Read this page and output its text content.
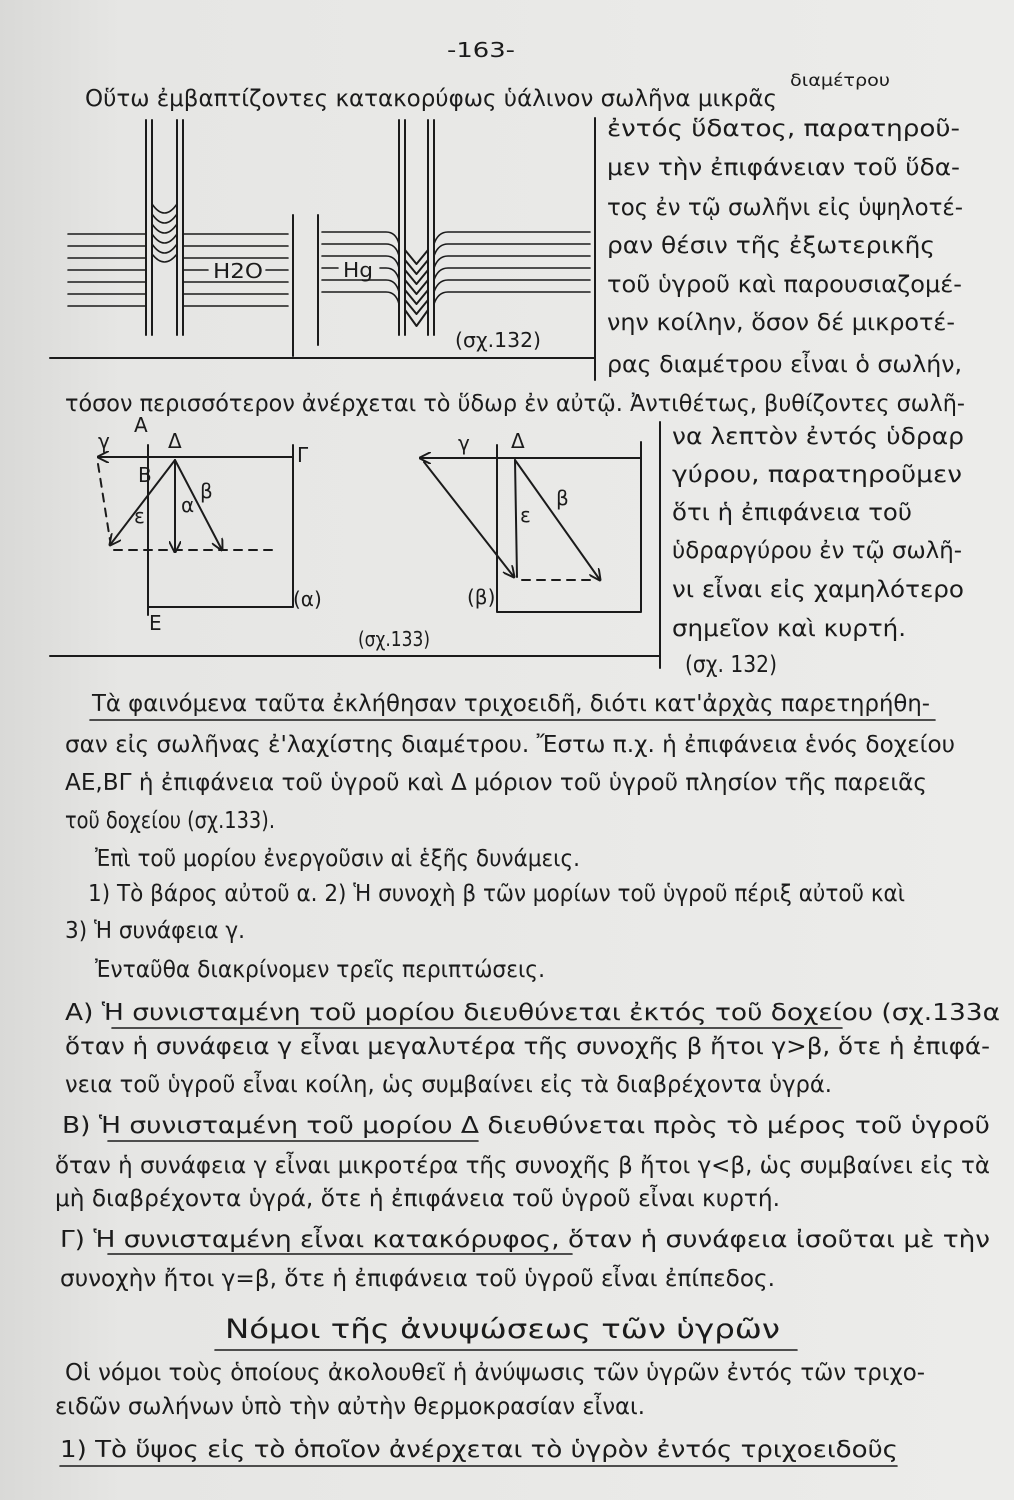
-163-
Οὕτω ἐμβαπτίζοντες κατακορύφως ὑάλινον σωλῆνα μικρᾶς
διαμέτρου
H2O	Hg
(σχ.132)
ἐντός ὕδατος, παρατηροῦ-
μεν τὴν ἐπιφάνειαν τοῦ ὕδα-
τος ἐν τῷ σωλῆνι εἰς ὑψηλοτέ-
ραν θέσιν τῆς ἐξωτερικῆς
τοῦ ὑγροῦ καὶ παρουσιαζομέ-
νην κοίλην, ὅσον δέ μικροτέ-
ρας διαμέτρου εἶναι ὁ σωλήν,
τόσον περισσότερον ἀνέρχεται τὸ ὕδωρ ἐν αὐτῷ. Ἀντιθέτως, βυθίζοντες σωλῆ-
Α
γ	Δ
Γ
Β
α
β
ε
Ε
(α)
γ Δ
β
ε
(β)
(σχ.133)
να λεπτὸν ἐντός ὑδραρ
γύρου, παρατηροῦμεν
ὅτι ἡ ἐπιφάνεια τοῦ
ὑδραργύρου ἐν τῷ σωλῆ-
νι εἶναι εἰς χαμηλότερο
σημεῖον καὶ κυρτή.
(σχ. 132)
Τὰ φαινόμενα ταῦτα ἐκλήθησαν τριχοειδῆ, διότι κατ'ἀρχὰς παρετηρήθη-
σαν εἰς σωλῆνας ἐ'λαχίστης διαμέτρου. Ἔστω π.χ. ἡ ἐπιφάνεια ἑνός δοχείου
ΑΕ,ΒΓ ἡ ἐπιφάνεια τοῦ ὑγροῦ καὶ Δ μόριον τοῦ ὑγροῦ πλησίον τῆς παρειᾶς
τοῦ δοχείου (σχ.133).
Ἐπὶ τοῦ μορίου ἐνεργοῦσιν αἱ ἑξῆς δυνάμεις.
1) Τὸ βάρος αὐτοῦ α. 2) Ἡ συνοχὴ β τῶν μορίων τοῦ ὑγροῦ πέριξ αὐτοῦ καὶ
3) Ἡ συνάφεια γ.
Ἐνταῦθα διακρίνομεν τρεῖς περιπτώσεις.
Α) Ἡ συνισταμένη τοῦ μορίου διευθύνεται ἐκτός τοῦ δοχείου (σχ.133α
ὅταν ἡ συνάφεια γ εἶναι μεγαλυτέρα τῆς συνοχῆς β ἤτοι γ>β, ὅτε ἡ ἐπιφά-
νεια τοῦ ὑγροῦ εἶναι κοίλη, ὡς συμβαίνει εἰς τὰ διαβρέχοντα ὑγρά.
Β) Ἡ συνισταμένη τοῦ μορίου Δ διευθύνεται πρὸς τὸ μέρος τοῦ ὑγροῦ
ὅταν ἡ συνάφεια γ εἶναι μικροτέρα τῆς συνοχῆς β ἤτοι γ<β, ὡς συμβαίνει εἰς τὰ
μὴ διαβρέχοντα ὑγρά, ὅτε ἡ ἐπιφάνεια τοῦ ὑγροῦ εἶναι κυρτή.
Γ) Ἡ συνισταμένη εἶναι κατακόρυφος, ὅταν ἡ συνάφεια ἰσοῦται μὲ τὴν
συνοχὴν ἤτοι γ=β, ὅτε ἡ ἐπιφάνεια τοῦ ὑγροῦ εἶναι ἐπίπεδος.
Νόμοι τῆς ἀνυψώσεως τῶν ὑγρῶν
Οἱ νόμοι τοὺς ὁποίους ἀκολουθεῖ ἡ ἀνύψωσις τῶν ὑγρῶν ἐντός τῶν τριχο-
ειδῶν σωλήνων ὑπὸ τὴν αὐτὴν θερμοκρασίαν εἶναι.
1) Τὸ ὕψος εἰς τὸ ὁποῖον ἀνέρχεται τὸ ὑγρὸν ἐντός τριχοειδοῦς
